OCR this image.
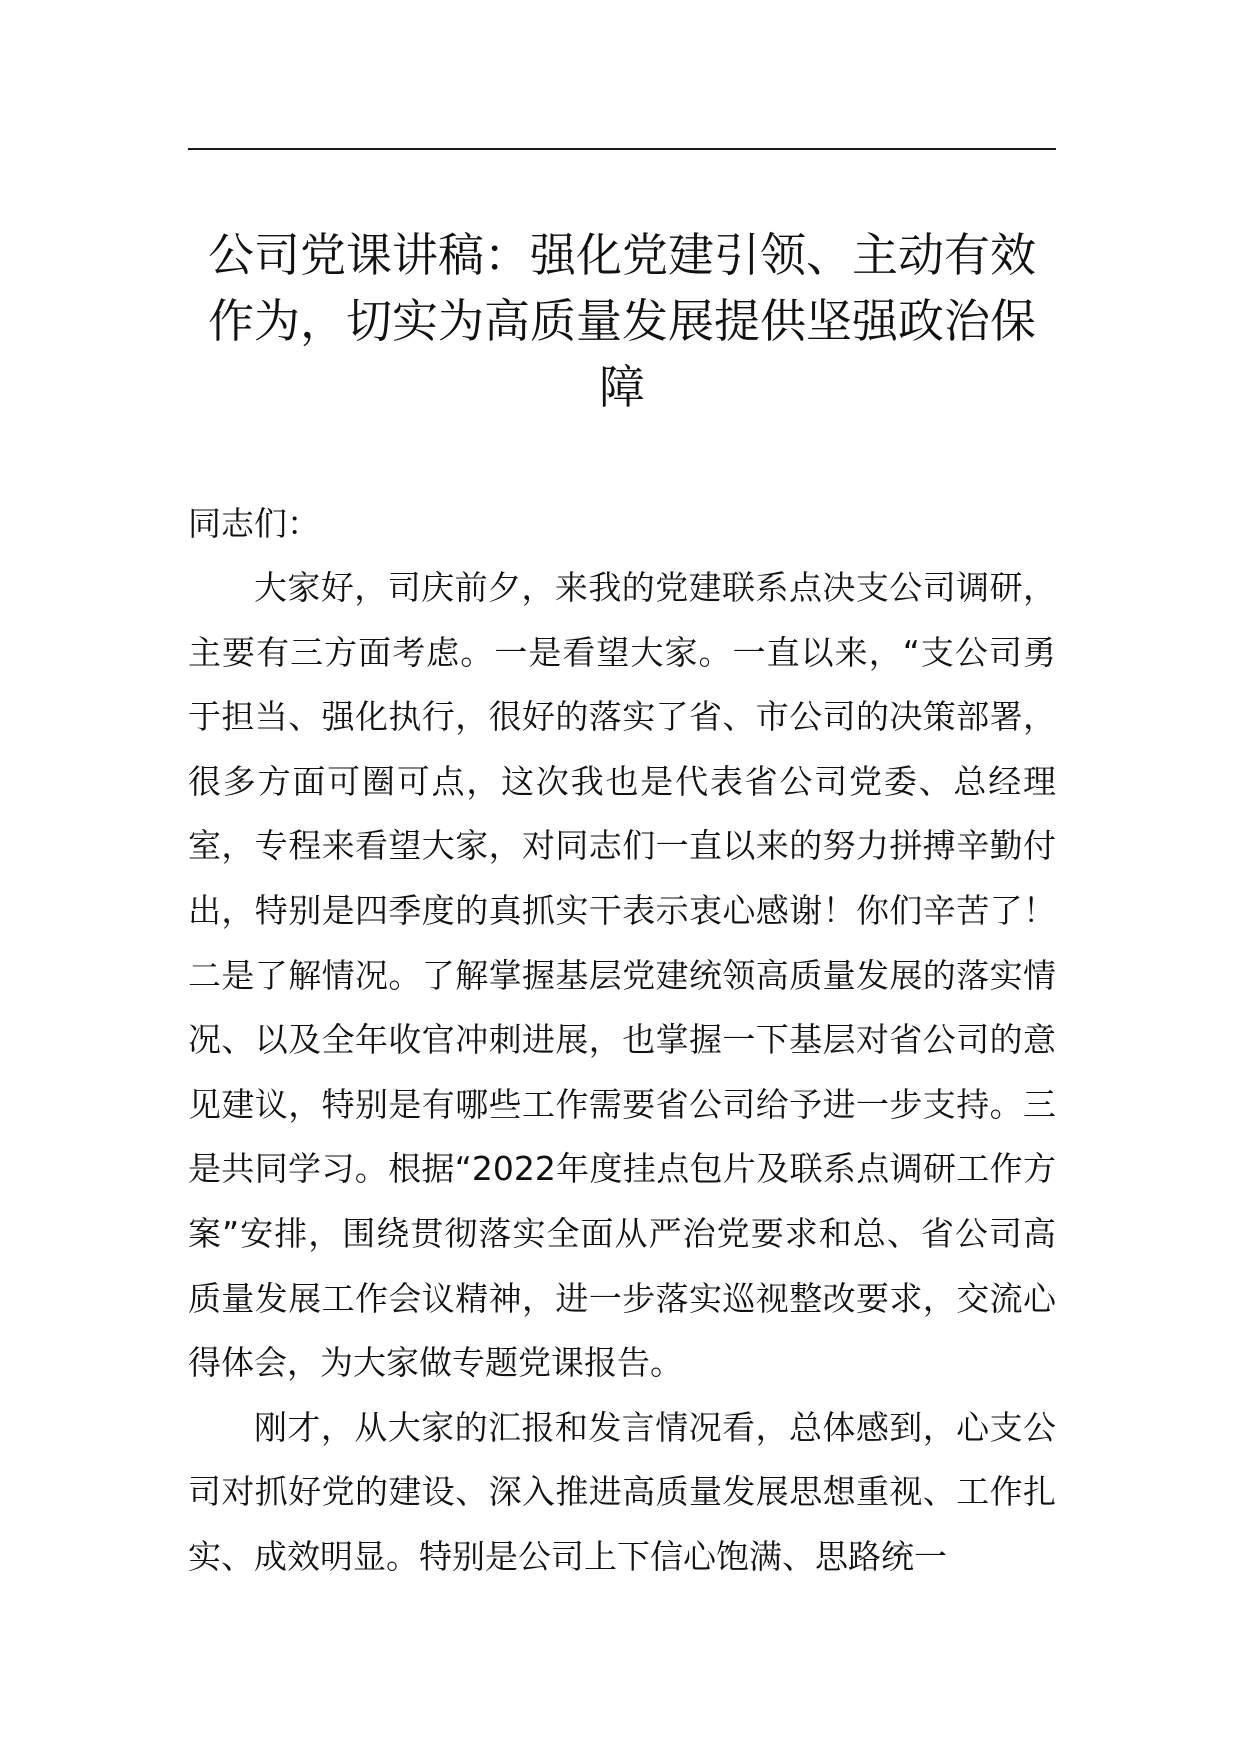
公司党课讲稿：强化党建引领、主动有效作为，切实为高质量发展提供坚强政治保障

同志们：

大家好，司庆前夕，来我的党建联系点决支公司调研，主要有三方面考虑。一是看望大家。一直以来，“支公司勇于担当、强化执行，很好的落实了省、市公司的决策部署，很多方面可圈可点，这次我也是代表省公司党委、总经理室，专程来看望大家，对同志们一直以来的努力拼搏辛勤付出，特别是四季度的真抓实干表示衷心感谢！你们辛苦了！二是了解情况。了解掌握基层党建统领高质量发展的落实情况、以及全年收官冲刺进展，也掌握一下基层对省公司的意见建议，特别是有哪些工作需要省公司给予进一步支持。三是共同学习。根据“2022年度挂点包片及联系点调研工作方案”安排，围绕贯彻落实全面从严治党要求和总、省公司高质量发展工作会议精神，进一步落实巡视整改要求，交流心得体会，为大家做专题党课报告。

刚才，从大家的汇报和发言情况看，总体感到，心支公司对抓好党的建设、深入推进高质量发展思想重视、工作扎实、成效明显。特别是公司上下信心饱满、思路统一
